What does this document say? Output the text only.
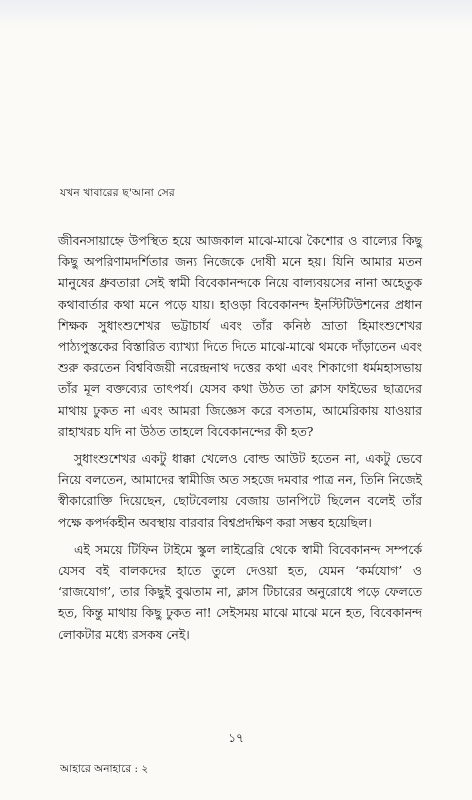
যখন খাবারের ছ'আনা সের

জীবনসায়াহ্নে উপস্থিত হয়ে আজকাল মাঝে-মাঝে কৈশোর ও বাল্যের কিছু কিছু অপরিণামদর্শিতার জন্য নিজেকে দোষী মনে হয়। যিনি আমার মতন মানুষের ধ্রুবতারা সেই স্বামী বিবেকানন্দকে নিয়ে বাল্যবয়সের নানা অহেতুক কথাবার্তার কথা মনে পড়ে যায়। হাওড়া বিবেকানন্দ ইনস্টিটিউশনের প্রধান শিক্ষক সুধাংশুশেখর ভট্টাচার্য এবং তাঁর কনিষ্ঠ ভ্রাতা হিমাংশুশেখর পাঠ্যপুস্তকের বিস্তারিত ব্যাখ্যা দিতে দিতে মাঝে-মাঝে থমকে দাঁড়াতেন এবং শুরু করতেন বিশ্ববিজয়ী নরেন্দ্রনাথ দত্তের কথা এবং শিকাগো ধর্মমহাসভায় তাঁর মূল বক্তব্যের তাৎপর্য। যেসব কথা উঠত তা ক্লাস ফাইভের ছাত্রদের মাথায় ঢুকত না এবং আমরা জিজ্ঞেস করে বসতাম, আমেরিকায় যাওয়ার রাহাখরচ যদি না উঠত তাহলে বিবেকানন্দের কী হত?

সুধাংশুশেখর একটু ধাক্কা খেলেও বোল্ড আউট হতেন না, একটু ভেবে নিয়ে বলতেন, আমাদের স্বামীজি অত সহজে দমবার পাত্র নন, তিনি নিজেই স্বীকারোক্তি দিয়েছেন, ছোটবেলায় বেজায় ডানপিটে ছিলেন বলেই তাঁর পক্ষে কপর্দকহীন অবস্থায় বারবার বিশ্বপ্রদক্ষিণ করা সম্ভব হয়েছিল।

এই সময়ে টিফিন টাইমে স্কুল লাইব্রেরি থেকে স্বামী বিবেকানন্দ সম্পর্কে যেসব বই বালকদের হাতে তুলে দেওয়া হত, যেমন ‘কর্মযোগ’ ও ‘রাজযোগ’, তার কিছুই বুঝতাম না, ক্লাস টিচারের অনুরোধে পড়ে ফেলতে হত, কিন্তু মাথায় কিছু ঢুকত না! সেইসময় মাঝে মাঝে মনে হত, বিবেকানন্দ লোকটার মধ্যে রসকষ নেই।

১৭
আহারে অনাহারে : ২
